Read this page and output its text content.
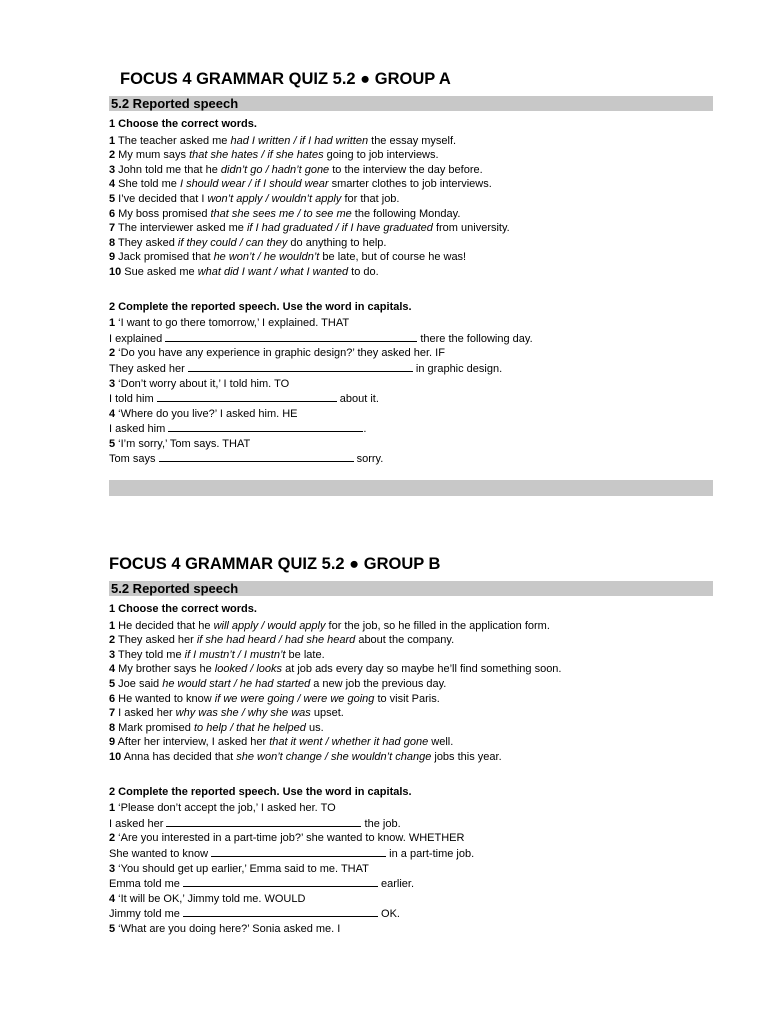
FOCUS 4 GRAMMAR QUIZ 5.2 ● GROUP A
5.2 Reported speech
1 Choose the correct words.
1 The teacher asked me had I written / if I had written the essay myself.
2 My mum says that she hates / if she hates going to job interviews.
3 John told me that he didn’t go / hadn’t gone to the interview the day before.
4 She told me I should wear / if I should wear smarter clothes to job interviews.
5 I’ve decided that I won’t apply / wouldn’t apply for that job.
6 My boss promised that she sees me / to see me the following Monday.
7 The interviewer asked me if I had graduated / if I have graduated from university.
8 They asked if they could / can they do anything to help.
9 Jack promised that he won’t / he wouldn’t be late, but of course he was!
10 Sue asked me what did I want / what I wanted to do.
2 Complete the reported speech. Use the word in capitals.
1 ‘I want to go there tomorrow,’ I explained. THAT
I explained	there the following day.
2 ‘Do you have any experience in graphic design?’ they asked her. IF
They asked her	in graphic design.
3 ‘Don’t worry about it,’ I told him. TO
I told him	about it.
4 ‘Where do you live?’ I asked him. HE
I asked him	.
5 ‘I’m sorry,’ Tom says. THAT
Tom says	sorry.
FOCUS 4 GRAMMAR QUIZ 5.2 ● GROUP B
5.2 Reported speech
1 Choose the correct words.
1 He decided that he will apply / would apply for the job, so he filled in the application form.
2 They asked her if she had heard / had she heard about the company.
3 They told me if I mustn’t / I mustn’t be late.
4 My brother says he looked / looks at job ads every day so maybe he’ll find something soon.
5 Joe said he would start / he had started a new job the previous day.
6 He wanted to know if we were going / were we going to visit Paris.
7 I asked her why was she / why she was upset.
8 Mark promised to help / that he helped us.
9 After her interview, I asked her that it went / whether it had gone well.
10 Anna has decided that she won’t change / she wouldn’t change jobs this year.
2 Complete the reported speech. Use the word in capitals.
1 ‘Please don’t accept the job,’ I asked her. TO
I asked her	the job.
2 ‘Are you interested in a part-time job?’ she wanted to know. WHETHER
She wanted to know	in a part-time job.
3 ‘You should get up earlier,’ Emma said to me. THAT
Emma told me	earlier.
4 ‘It will be OK,’ Jimmy told me. WOULD
Jimmy told me	OK.
5 ‘What are you doing here?’ Sonia asked me. I
